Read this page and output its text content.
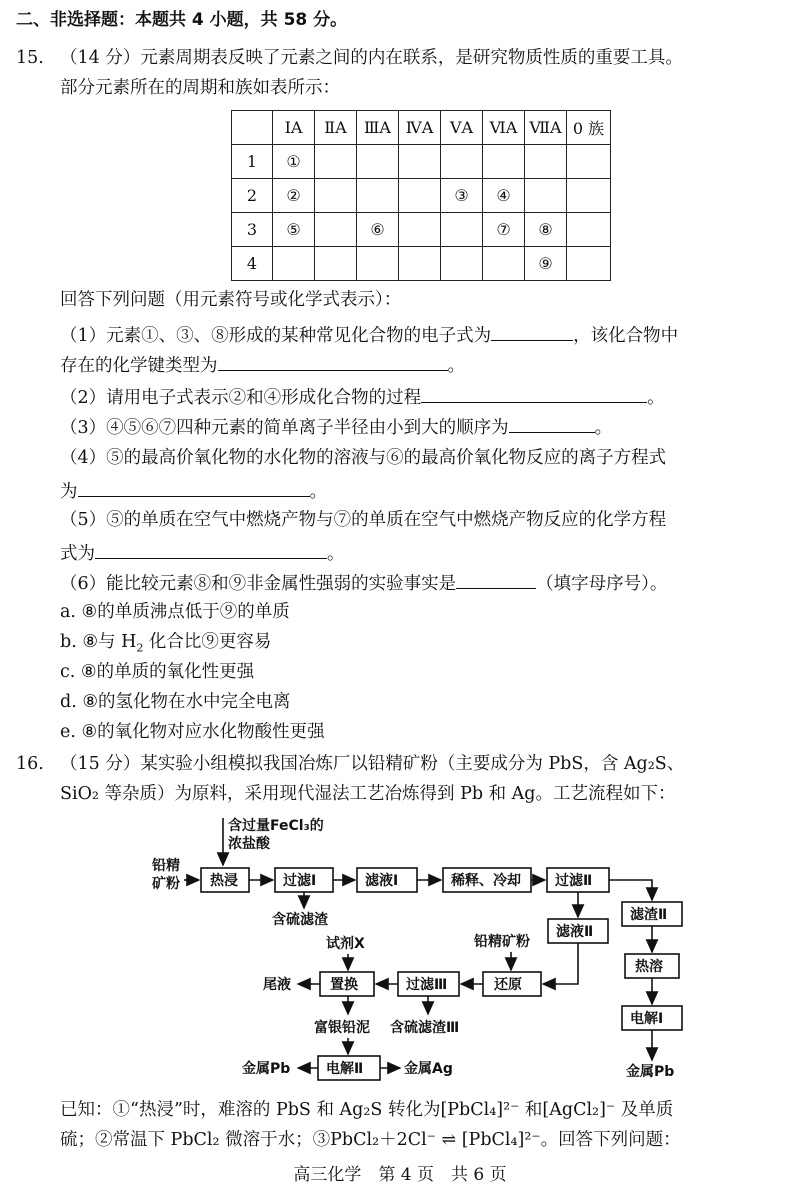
二、非选择题：本题共 4 小题，共 58 分。
15. （14 分）元素周期表反映了元素之间的内在联系，是研究物质性质的重要工具。
部分元素所在的周期和族如表所示：
	ⅠA	ⅡA	ⅢA	ⅣA	ⅤA	ⅥA	ⅦA	0 族
1	①							
2	②				③	④		
3	⑤		⑥			⑦	⑧	
4							⑨	
回答下列问题（用元素符号或化学式表示）：
（1）元素①、③、⑧形成的某种常见化合物的电子式为	，该化合物中
存在的化学键类型为	。
（2）请用电子式表示②和④形成化合物的过程	。
（3）④⑤⑥⑦四种元素的简单离子半径由小到大的顺序为	。
（4）⑤的最高价氧化物的水化物的溶液与⑥的最高价氧化物反应的离子方程式
为	。
（5）⑤的单质在空气中燃烧产物与⑦的单质在空气中燃烧产物反应的化学方程
式为	。
（6）能比较元素⑧和⑨非金属性强弱的实验事实是	（填字母序号）。
a. ⑧的单质沸点低于⑨的单质
b. ⑧与 $H_2$ 化合比⑨更容易
c. ⑧的单质的氧化性更强
d. ⑧的氢化物在水中完全电离
e. ⑧的氧化物对应水化物酸性更强
16. （15 分）某实验小组模拟我国冶炼厂以铅精矿粉（主要成分为 PbS，含 Ag₂S、
SiO₂ 等杂质）为原料，采用现代湿法工艺冶炼得到 Pb 和 Ag。工艺流程如下：
含过量FeCl₃的
浓盐酸
铅精
矿粉 热浸	过滤Ⅰ	滤液Ⅰ	稀释、冷却 过滤Ⅱ
含硫滤渣
滤液Ⅱ
滤渣Ⅱ
热溶
电解Ⅰ
金属Pb
铅精矿粉
还原
过滤Ⅲ
含硫滤渣Ⅲ
试剂X
置换
尾液
富银铅泥
电解Ⅱ
金属Pb	金属Ag
已知：①“热浸”时，难溶的 PbS 和 Ag₂S 转化为[PbCl₄]²⁻ 和[AgCl₂]⁻ 及单质
硫；②常温下 PbCl₂ 微溶于水；③PbCl₂＋2Cl⁻ ⇌ [PbCl₄]²⁻。回答下列问题：
高三化学　第 4 页　共 6 页
